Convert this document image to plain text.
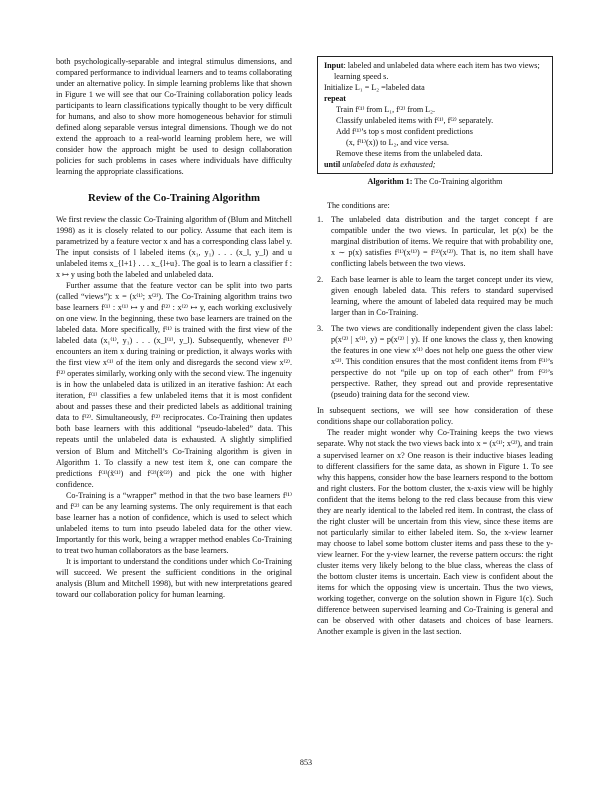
both psychologically-separable and integral stimulus dimensions, and compared performance to individual learners and to teams collaborating under an alternative policy. In simple learning problems like that shown in Figure 1 we will see that our Co-Training collaboration policy leads participants to learn classifications typically thought to be very difficult for humans, and also to show more homogeneous behavior for stimuli defined along separable versus integral dimensions. Though we do not extend the approach to a real-world learning problem here, we will consider how the approach might be used to design collaboration policies for such problems in cases where individuals have difficulty learning the appropriate classifications.

Review of the Co-Training Algorithm

We first review the classic Co-Training algorithm of (Blum and Mitchell 1998) as it is closely related to our policy. Assume that each item is parametrized by a feature vector x and has a corresponding class label y. The input consists of l labeled items (x₁, y₁) . . . (x_l, y_l) and u unlabeled items x_{l+1} . . . x_{l+u}. The goal is to learn a classifier f : x ↦ y using both the labeled and unlabeled data.

Further assume that the feature vector can be split into two parts (called “views”): x = (x⁽¹⁾; x⁽²⁾). The Co-Training algorithm trains two base learners f⁽¹⁾ : x⁽¹⁾ ↦ y and f⁽²⁾ : x⁽²⁾ ↦ y, each working exclusively on one view. In the beginning, these two base learners are trained on the labeled data. More specifically, f⁽¹⁾ is trained with the first view of the labeled data (x₁⁽¹⁾, y₁) . . . (x_l⁽¹⁾, y_l). Subsequently, whenever f⁽¹⁾ encounters an item x during training or prediction, it always works with the first view x⁽¹⁾ of the item only and disregards the second view x⁽²⁾. f⁽²⁾ operates similarly, working only with the second view. The ingenuity is in how the unlabeled data is utilized in an iterative fashion: At each iteration, f⁽¹⁾ classifies a few unlabeled items that it is most confident about and passes these and their predicted labels as additional training data to f⁽²⁾. Simultaneously, f⁽²⁾ reciprocates. Co-Training then updates both base learners with this additional “pseudo-labeled” data. This repeats until the unlabeled data is exhausted. A slightly simplified version of Blum and Mitchell’s Co-Training algorithm is given in Algorithm 1. To classify a new test item x̃, one can compare the predictions f⁽¹⁾(x̃⁽¹⁾) and f⁽²⁾(x̃⁽²⁾) and pick the one with higher confidence.

Co-Training is a “wrapper” method in that the two base learners f⁽¹⁾ and f⁽²⁾ can be any learning systems. The only requirement is that each base learner has a notion of confidence, which is used to select which unlabeled items to turn into pseudo labeled data for the other view. Importantly for this work, being a wrapper method enables Co-Training to treat two human collaborators as the base learners.

It is important to understand the conditions under which Co-Training will succeed. We present the sufficient conditions in the original analysis (Blum and Mitchell 1998), but with new interpretations geared toward our collaboration policy for human learning.

Input: labeled and unlabeled data where each item has two views; learning speed s.
Initialize L₁ = L₂ =labeled data
repeat
Train f⁽¹⁾ from L₁, f⁽²⁾ from L₂.
Classify unlabeled items with f⁽¹⁾, f⁽²⁾ separately.
Add f⁽¹⁾’s top s most confident predictions
(x, f⁽¹⁾(x)) to L₂, and vice versa.
Remove these items from the unlabeled data.
until unlabeled data is exhausted;
Algorithm 1: The Co-Training algorithm

The conditions are:

1. The unlabeled data distribution and the target concept f are compatible under the two views. In particular, let p(x) be the marginal distribution of items. We require that with probability one, x ∼ p(x) satisfies f⁽¹⁾(x⁽¹⁾) = f⁽²⁾(x⁽²⁾). That is, no item shall have conflicting labels between the two views.
2. Each base learner is able to learn the target concept under its view, given enough labeled data. This refers to standard supervised learning, where the amount of labeled data required may be much larger than in Co-Training.
3. The two views are conditionally independent given the class label: p(x⁽²⁾ | x⁽¹⁾, y) = p(x⁽²⁾ | y). If one knows the class y, then knowing the features in one view x⁽¹⁾ does not help one guess the other view x⁽²⁾. This condition ensures that the most confident items from f⁽¹⁾’s perspective do not “pile up on top of each other” from f⁽²⁾’s perspective. Rather, they spread out and provide representative (pseudo) training data for the second view.

In subsequent sections, we will see how consideration of these conditions shape our collaboration policy.

The reader might wonder why Co-Training keeps the two views separate. Why not stack the two views back into x = (x⁽¹⁾; x⁽²⁾), and train a supervised learner on x? One reason is their inductive biases leading to different classifiers for the same data, as shown in Figure 1. To see why this happens, consider how the base learners respond to the bottom and right clusters. For the bottom cluster, the x-axis view will be highly confident that the items belong to the red class because from this view they are nearly identical to the labeled red item. In contrast, the class of the right cluster will be uncertain from this view, since these items are not particularly similar to either labeled item. So, the x-view learner may choose to label some bottom cluster items and pass these to the y-view learner. For the y-view learner, the reverse pattern occurs: the right cluster items very likely belong to the blue class, whereas the class of the bottom cluster items is uncertain. Each view is confident about the items for which the opposing view is uncertain. Thus the two views, working together, converge on the solution shown in Figure 1(c). Such difference between supervised learning and Co-Training is general and can be observed with other datasets and choices of base learners. Another example is given in the last section.

853
